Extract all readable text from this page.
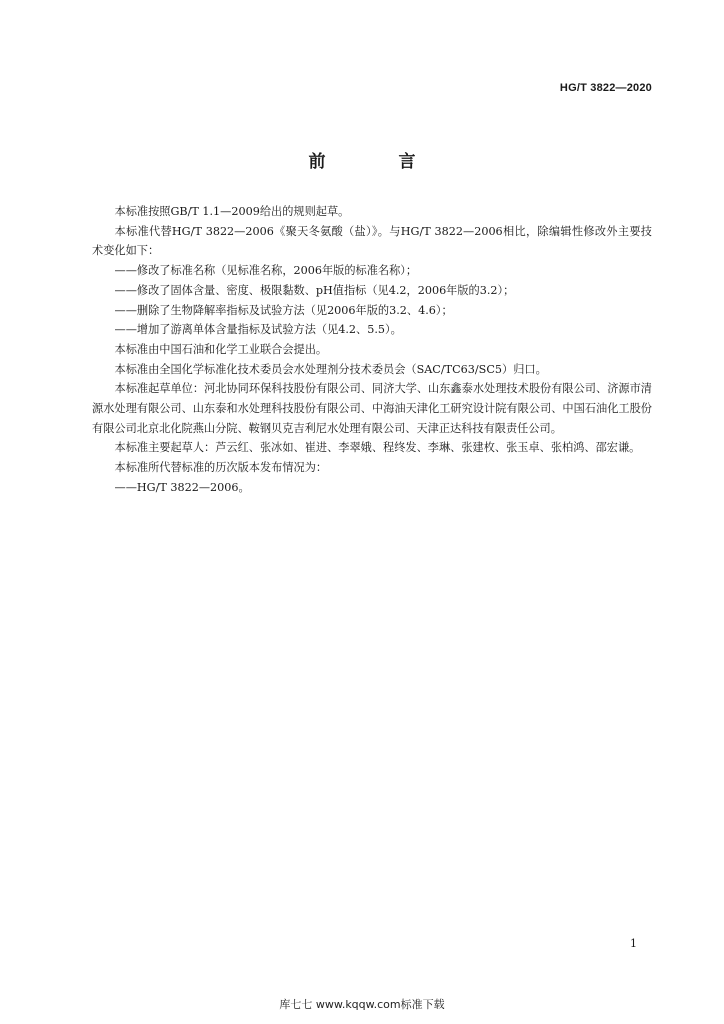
HG/T 3822—2020
前　言

本标准按照GB/T 1.1—2009给出的规则起草。

本标准代替HG/T 3822—2006《聚天冬氨酸（盐）》。与HG/T 3822—2006相比，除编辑性修改外主要技术变化如下：

——修改了标准名称（见标准名称，2006年版的标准名称）；

——修改了固体含量、密度、极限黏数、pH值指标（见4.2，2006年版的3.2）；

——删除了生物降解率指标及试验方法（见2006年版的3.2、4.6）；

——增加了游离单体含量指标及试验方法（见4.2、5.5）。

本标准由中国石油和化学工业联合会提出。

本标准由全国化学标准化技术委员会水处理剂分技术委员会（SAC/TC63/SC5）归口。

本标准起草单位：河北协同环保科技股份有限公司、同济大学、山东鑫泰水处理技术股份有限公司、济源市清源水处理有限公司、山东泰和水处理科技股份有限公司、中海油天津化工研究设计院有限公司、中国石油化工股份有限公司北京北化院燕山分院、鞍钢贝克吉利尼水处理有限公司、天津正达科技有限责任公司。

本标准主要起草人：芦云红、张冰如、崔进、李翠娥、程终发、李琳、张建枚、张玉卓、张柏鸿、邵宏谦。

本标准所代替标准的历次版本发布情况为：

——HG/T 3822—2006。

1
库七七 www.kqqw.com标准下载
